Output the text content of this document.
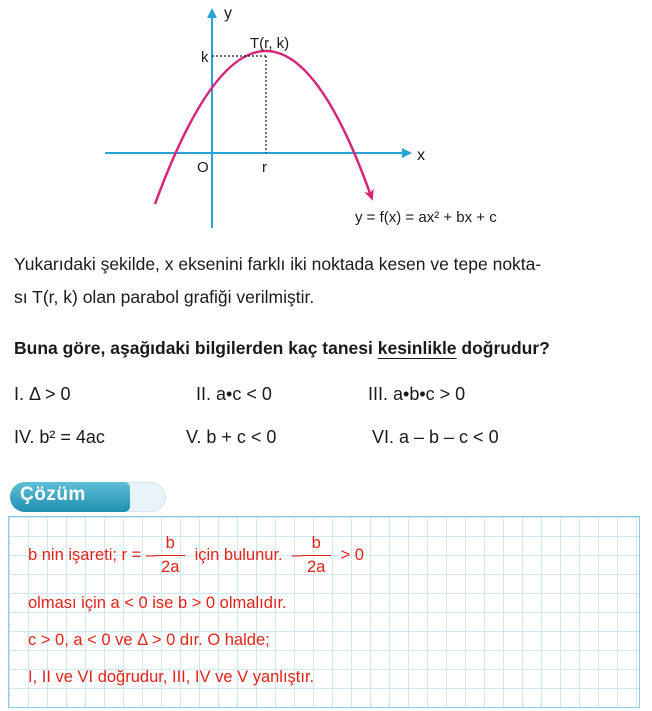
y
x
O
T(r, k)
k
r
y = f(x) = ax² + bx + c
Yukarıdaki şekilde, x eksenini farklı iki noktada kesen ve tepe nokta-
sı T(r, k) olan parabol grafiği verilmiştir.
Buna göre, aşağıdaki bilgilerden kaç tanesi kesinlikle doğrudur?
I. Δ > 0	II. a•c < 0	III. a•b•c > 0
IV. b² = 4ac	V. b + c < 0	VI. a – b – c < 0
Çözüm
b nin işareti; r = – $\frac{b}{2a}$ için bulunur. – $\frac{b}{2a} > 0$
olması için a < 0 ise b > 0 olmalıdır.
c > 0, a < 0 ve Δ > 0 dır. O halde;
I, II ve VI doğrudur, III, IV ve V yanlıştır.
